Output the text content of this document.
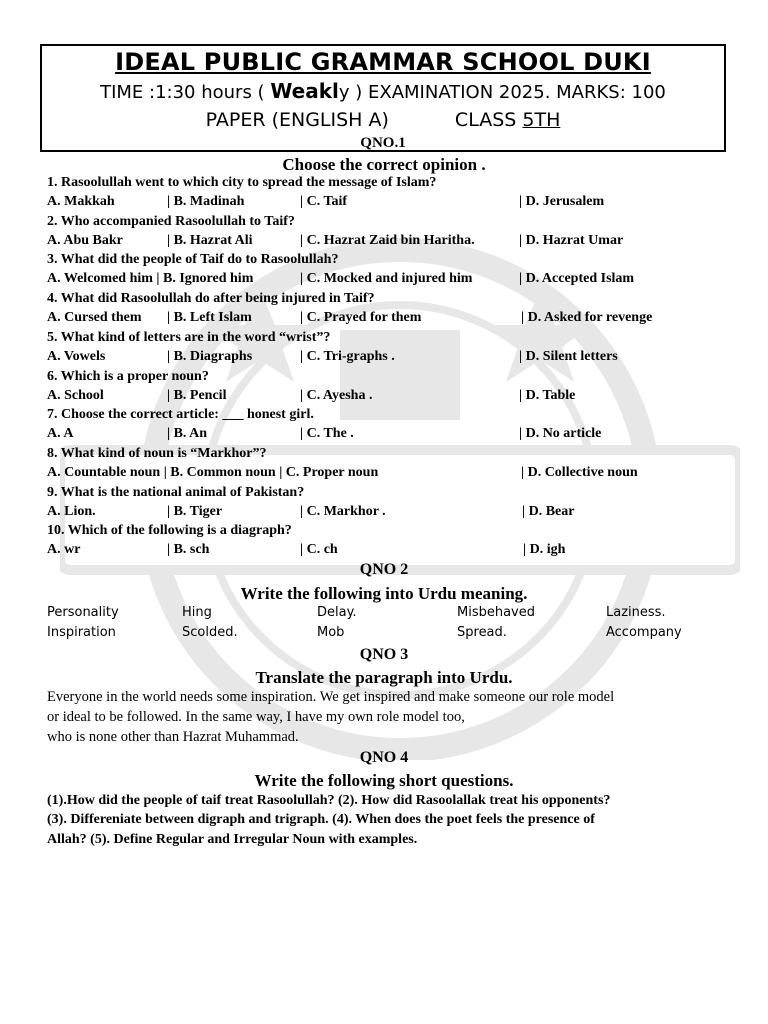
IDEAL PUBLIC GRAMMAR SCHOOL DUKI
TIME :1:30 hours ( Weakly ) EXAMINATION 2025. MARKS: 100
PAPER (ENGLISH A)	CLASS 5TH
QNO.1
Choose the correct opinion .
1. Rasoolullah went to which city to spread the message of Islam?
A. Makkah	| B. Madinah	| C. Taif	| D. Jerusalem
2. Who accompanied Rasoolullah to Taif?
A. Abu Bakr	| B. Hazrat Ali	| C. Hazrat Zaid bin Haritha.	| D. Hazrat Umar
3. What did the people of Taif do to Rasoolullah?
A. Welcomed him | B. Ignored him	| C. Mocked and injured him	| D. Accepted Islam
4. What did Rasoolullah do after being injured in Taif?
A. Cursed them | B. Left Islam	| C. Prayed for them	| D. Asked for revenge
5. What kind of letters are in the word “wrist”?
A. Vowels	| B. Diagraphs	| C. Tri-graphs .	| D. Silent letters
6. Which is a proper noun?
A. School	| B. Pencil	| C. Ayesha .	| D. Table
7. Choose the correct article: ___ honest girl.
A. A	| B. An	| C. The .	| D. No article
8. What kind of noun is “Markhor”?
A. Countable noun | B. Common noun | C. Proper noun	| D. Collective noun
9. What is the national animal of Pakistan?
A. Lion.	| B. Tiger	| C. Markhor .	| D. Bear
10. Which of the following is a diagraph?
A. wr	| B. sch	| C. ch	| D. igh
QNO 2
Write the following into Urdu meaning.
Personality	Hing	Delay.	Misbehaved	Laziness.
Inspiration	Scolded.	Mob	Spread.	Accompany
QNO 3
Translate the paragraph into Urdu.
Everyone in the world needs some inspiration. We get inspired and make someone our role model
or ideal to be followed. In the same way, I have my own role model too,
who is none other than Hazrat Muhammad.
QNO 4
Write the following short questions.
(1).How did the people of taif treat Rasoolullah? (2). How did Rasoolallak treat his opponents?
(3). Differeniate between digraph and trigraph. (4). When does the poet feels the presence of
Allah? (5). Define Regular and Irregular Noun with examples.
